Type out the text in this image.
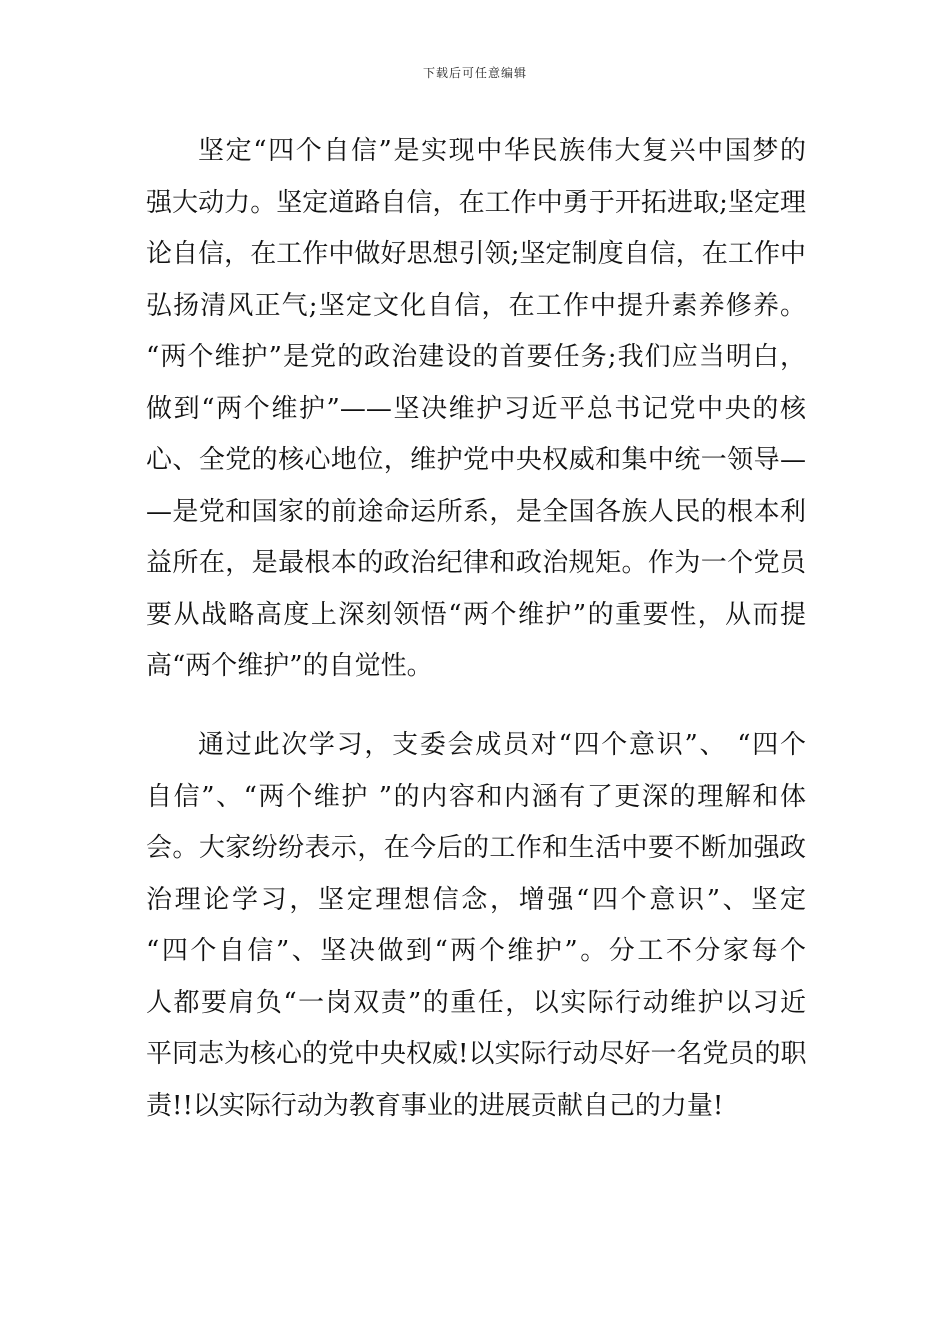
下载后可任意编辑
坚定“四个自信”是实现中华民族伟大复兴中国梦的
强大动力。坚定道路自信，在工作中勇于开拓进取;坚定理
论自信，在工作中做好思想引领;坚定制度自信，在工作中
弘扬清风正气;坚定文化自信，在工作中提升素养修养。
“两个维护”是党的政治建设的首要任务;我们应当明白，
做到“两个维护”——坚决维护习近平总书记党中央的核
心、全党的核心地位，维护党中央权威和集中统一领导—
—是党和国家的前途命运所系，是全国各族人民的根本利
益所在，是最根本的政治纪律和政治规矩。作为一个党员
要从战略高度上深刻领悟“两个维护”的重要性，从而提
高“两个维护”的自觉性。
通过此次学习，支委会成员对“四个意识”、 “四个
自信”、“两个维护 ”的内容和内涵有了更深的理解和体
会。大家纷纷表示，在今后的工作和生活中要不断加强政
治理论学习，坚定理想信念，增强“四个意识”、坚定
“四个自信”、坚决做到“两个维护”。分工不分家每个
人都要肩负“一岗双责”的重任，以实际行动维护以习近
平同志为核心的党中央权威!以实际行动尽好一名党员的职
责!!以实际行动为教育事业的进展贡献自己的力量!
